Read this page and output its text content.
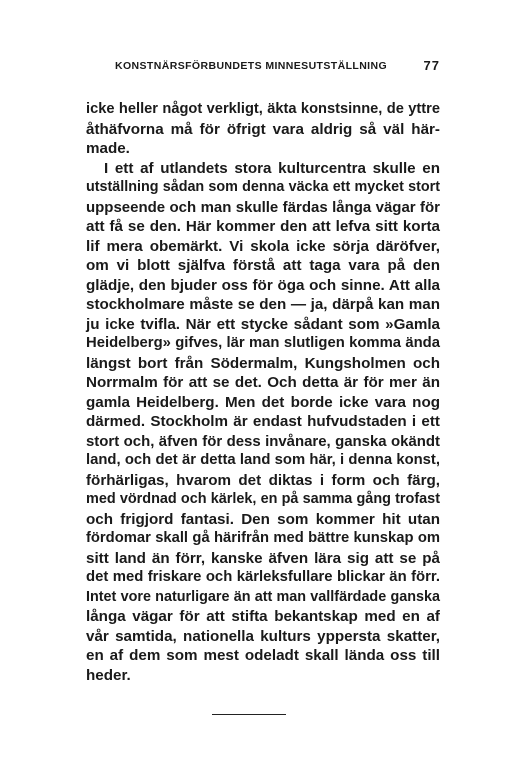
KONSTNÄRSFÖRBUNDETS MINNESUTSTÄLLNING	77
icke heller något verkligt, äkta konstsinne, de yttre
åthäfvorna må för öfrigt vara aldrig så väl här-
made.
I ett af utlandets stora kulturcentra skulle en
utställning sådan som denna väcka ett mycket stort
uppseende och man skulle färdas långa vägar för
att få se den. Här kommer den att lefva sitt korta
lif mera obemärkt. Vi skola icke sörja däröfver,
om vi blott själfva förstå att taga vara på den
glädje, den bjuder oss för öga och sinne. Att alla
stockholmare måste se den — ja, därpå kan man
ju icke tvifla. När ett stycke sådant som »Gamla
Heidelberg» gifves, lär man slutligen komma ända
längst bort från Södermalm, Kungsholmen och
Norrmalm för att se det. Och detta är för mer än
gamla Heidelberg. Men det borde icke vara nog
därmed. Stockholm är endast hufvudstaden i ett
stort och, äfven för dess invånare, ganska okändt
land, och det är detta land som här, i denna konst,
förhärligas, hvarom det diktas i form och färg,
med vördnad och kärlek, en på samma gång trofast
och frigjord fantasi. Den som kommer hit utan
fördomar skall gå härifrån med bättre kunskap om
sitt land än förr, kanske äfven lära sig att se på
det med friskare och kärleksfullare blickar än förr.
Intet vore naturligare än att man vallfärdade ganska
långa vägar för att stifta bekantskap med en af
vår samtida, nationella kulturs yppersta skatter,
en af dem som mest odeladt skall lända oss till
heder.
